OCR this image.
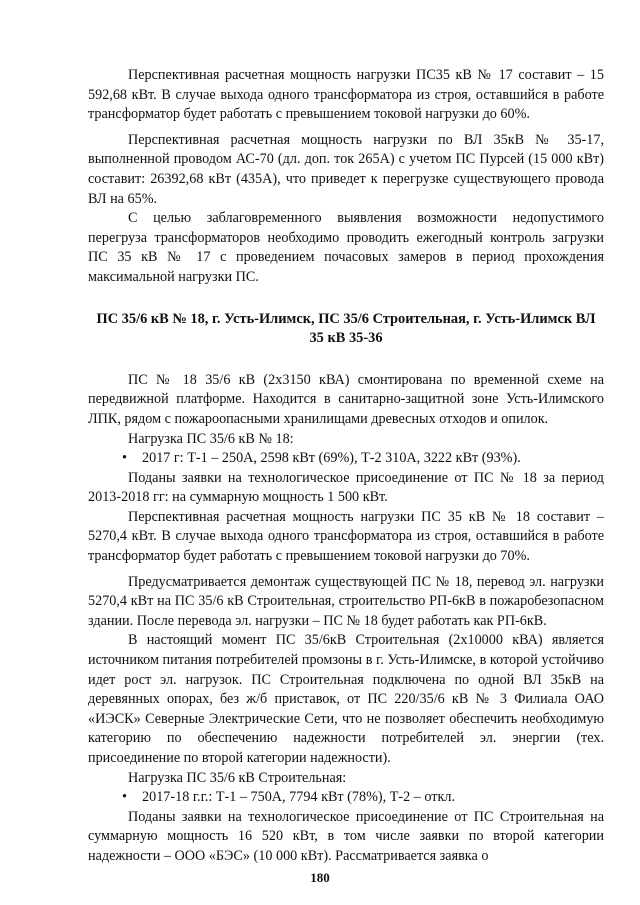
Перспективная расчетная мощность нагрузки ПС35 кВ № 17 составит – 15 592,68 кВт. В случае выхода одного трансформатора из строя, оставшийся в работе трансформатор будет работать с превышением токовой нагрузки до 60%.

Перспективная расчетная мощность нагрузки по ВЛ 35кВ № 35-17, выполненной проводом АС-70 (дл. доп. ток 265А) с учетом ПС Пурсей (15 000 кВт) составит: 26392,68 кВт (435А), что приведет к перегрузке существующего провода ВЛ на 65%.

С целью заблаговременного выявления возможности недопустимого перегруза трансформаторов необходимо проводить ежегодный контроль загрузки ПС 35 кВ № 17 с проведением почасовых замеров в период прохождения максимальной нагрузки ПС.

ПС 35/6 кВ № 18, г. Усть-Илимск, ПС 35/6 Строительная, г. Усть-Илимск ВЛ 35 кВ 35-36

ПС № 18 35/6 кВ (2х3150 кВА) смонтирована по временной схеме на передвижной платформе. Находится в санитарно-защитной зоне Усть-Илимского ЛПК, рядом с пожароопасными хранилищами древесных отходов и опилок.

Нагрузка ПС 35/6 кВ № 18:

•	2017 г: Т-1 – 250А, 2598 кВт (69%), Т-2 310А, 3222 кВт (93%).

Поданы заявки на технологическое присоединение от ПС № 18 за период 2013-2018 гг: на суммарную мощность 1 500 кВт.

Перспективная расчетная мощность нагрузки ПС 35 кВ № 18 составит –5270,4 кВт. В случае выхода одного трансформатора из строя, оставшийся в работе трансформатор будет работать с превышением токовой нагрузки до 70%.

Предусматривается демонтаж существующей ПС № 18, перевод эл. нагрузки 5270,4 кВт на ПС 35/6 кВ Строительная, строительство РП-6кВ в пожаробезопасном здании. После перевода эл. нагрузки – ПС № 18 будет работать как РП-6кВ.

В настоящий момент ПС 35/6кВ Строительная (2х10000 кВА) является источником питания потребителей промзоны в г. Усть-Илимске, в которой устойчиво идет рост эл. нагрузок. ПС Строительная подключена по одной ВЛ 35кВ на деревянных опорах, без ж/б приставок, от ПС 220/35/6 кВ № 3 Филиала ОАО «ИЭСК» Северные Электрические Сети, что не позволяет обеспечить необходимую категорию по обеспечению надежности потребителей эл. энергии (тех. присоединение по второй категории надежности).

Нагрузка ПС 35/6 кВ Строительная:

•	2017-18 г.г.: Т-1 – 750А, 7794 кВт (78%), Т-2 – откл.

Поданы заявки на технологическое присоединение от ПС Строительная на суммарную мощность 16 520 кВт, в том числе заявки по второй категории надежности – ООО «БЭС» (10 000 кВт). Рассматривается заявка о

180
